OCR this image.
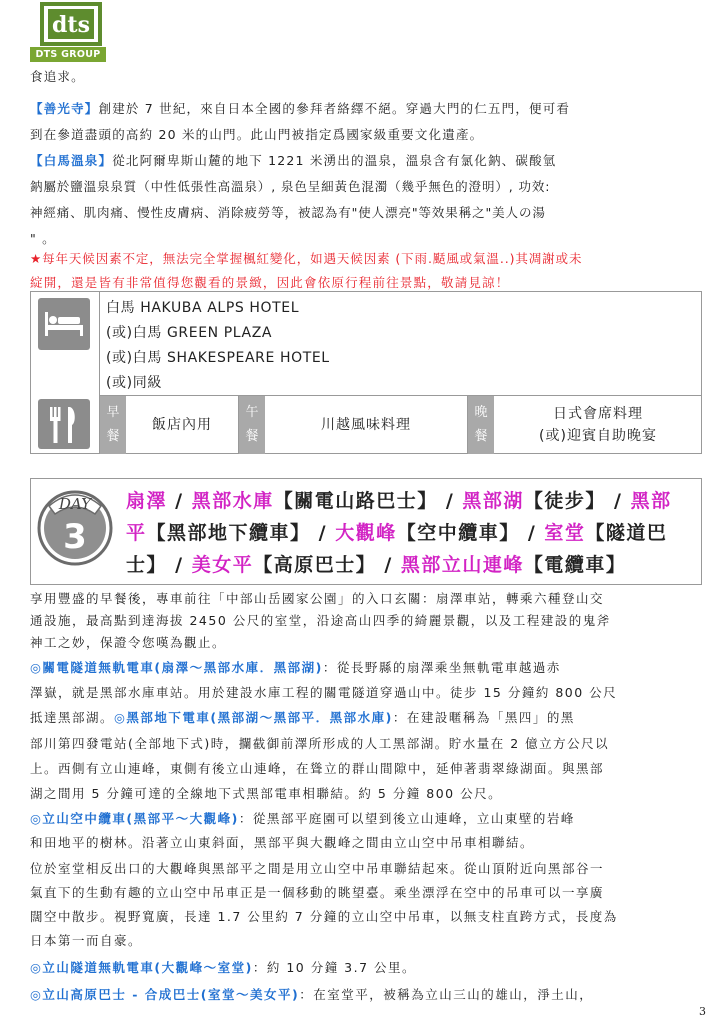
dts
DTS GROUP
食追求。
【善光寺】創建於 7 世紀，來自日本全國的參拜者絡繹不絕。穿過大門的仁五門，便可看
到在參道盡頭的高約 20 米的山門。此山門被指定爲國家級重要文化遺產。
【白馬溫泉】從北阿爾卑斯山麓的地下 1221 米湧出的溫泉，溫泉含有氯化鈉、碳酸氫
鈉屬於鹽溫泉泉質（中性低張性高溫泉）, 泉色呈細黃色混濁（幾乎無色的澄明）, 功效:
神經痛、肌肉痛、慢性皮膚病、消除疲勞等，被認為有"使人漂亮"等效果稱之"美人の湯
" 。
★每年天候因素不定，無法完全掌握楓紅變化，如遇天候因素 (下雨.颳風或氣溫..)其凋謝或未
綻開，還是皆有非常值得您觀看的景緻，因此會依原行程前往景點，敬請見諒！
白馬 HAKUBA ALPS HOTEL
(或)白馬 GREEN PLAZA
(或)白馬 SHAKESPEARE HOTEL
(或)同級
早
餐
飯店內用
午
餐
川越風味料理
晚
餐
日式會席料理
(或)迎賓自助晚宴
DAY
3
扇澤 / 黑部水庫【關電山路巴士】 / 黑部湖【徒步】 / 黑部
平【黑部地下纜車】 / 大觀峰【空中纜車】 / 室堂【隧道巴
士】 / 美女平【高原巴士】 / 黑部立山連峰【電纜車】
享用豐盛的早餐後，專車前往「中部山岳國家公園」的入口玄關：扇澤車站，轉乘六種登山交
通設施，最高點到達海拔 2450 公尺的室堂，沿途高山四季的綺麗景觀，以及工程建設的鬼斧
神工之妙，保證令您嘆為觀止。
◎關電隧道無軌電車(扇澤～黑部水庫．黑部湖)：從長野縣的扇澤乘坐無軌電車越過赤
澤嶽，就是黑部水庫車站。用於建設水庫工程的關電隧道穿過山中。徒步 15 分鐘約 800 公尺
抵達黑部湖。◎黑部地下電車(黑部湖～黑部平．黑部水庫)：在建設暱稱為「黑四」的黑
部川第四發電站(全部地下式)時，攔截御前澤所形成的人工黑部湖。貯水量在 2 億立方公尺以
上。西側有立山連峰，東側有後立山連峰，在聳立的群山間隙中，延伸著翡翠綠湖面。與黑部
湖之間用 5 分鐘可達的全線地下式黑部電車相聯結。約 5 分鐘 800 公尺。
◎立山空中纜車(黑部平～大觀峰)：從黑部平庭園可以望到後立山連峰，立山東壁的岩峰
和田地平的樹林。沿著立山東斜面，黑部平與大觀峰之間由立山空中吊車相聯結。
位於室堂相反出口的大觀峰與黑部平之間是用立山空中吊車聯結起來。從山頂附近向黑部谷一
氣直下的生動有趣的立山空中吊車正是一個移動的眺望臺。乘坐漂浮在空中的吊車可以一享廣
闊空中散步。視野寬廣，長達 1.7 公里約 7 分鐘的立山空中吊車，以無支柱直跨方式，長度為
日本第一而自豪。
◎立山隧道無軌電車(大觀峰～室堂)：約 10 分鐘 3.7 公里。
◎立山高原巴士 - 合成巴士(室堂～美女平)：在室堂平，被稱為立山三山的雄山，淨土山，
3
